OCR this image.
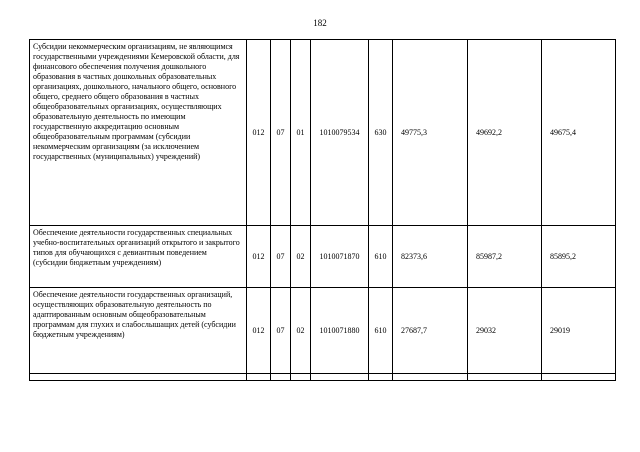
182
Субсидии некоммерческим организациям, не являющимся государственными учреждениями Кемеровской области, для финансового обеспечения получения дошкольного образования в частных дошкольных образовательных организациях, дошкольного, начального общего, основного общего, среднего общего образования в частных общеобразовательных организациях, осуществляющих образовательную деятельность по имеющим государственную аккредитацию основным общеобразовательным программам (субсидии некоммерческим организациям (за исключением государственных (муниципальных) учреждений)	012	07	01	1010079534	630	49775,3	49692,2	49675,4
Обеспечение деятельности государственных специальных учебно-воспитательных организаций открытого и закрытого типов для обучающихся с девиантным поведением (субсидии бюджетным учреждениям)	012	07	02	1010071870	610	82373,6	85987,2	85895,2
Обеспечение деятельности государственных организаций, осуществляющих образовательную деятельность по адаптированным основным общеобразовательным программам для глухих и слабослышащих детей (субсидии бюджетным учреждениям)	012	07	02	1010071880	610	27687,7	29032	29019
